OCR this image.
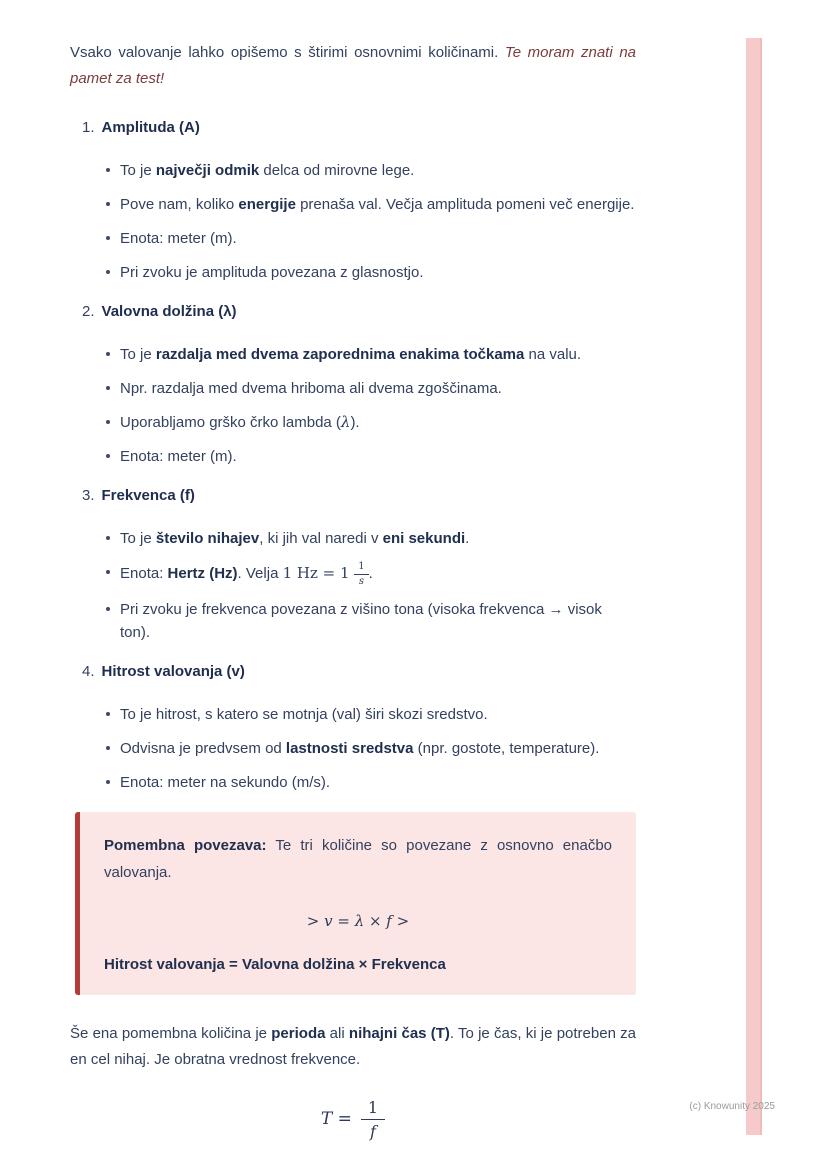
Vsako valovanje lahko opišemo s štirimi osnovnimi količinami. Te moram znati na pamet za test!

1. Amplituda (A)
To je največji odmik delca od mirovne lege.
Pove nam, koliko energije prenaša val. Večja amplituda pomeni več energije.
Enota: meter (m).
Pri zvoku je amplituda povezana z glasnostjo.
2. Valovna dolžina (λ)
To je razdalja med dvema zaporednima enakima točkama na valu.
Npr. razdalja med dvema hriboma ali dvema zgoščinama.
Uporabljamo grško črko lambda (λ).
Enota: meter (m).
3. Frekvenca (f)
To je število nihajev, ki jih val naredi v eni sekundi.
Enota: Hertz (Hz). Velja 1 $Hz = 1 \frac{1}{s}$ .
Pri zvoku je frekvenca povezana z višino tona (visoka frekvenca → visok ton).
4. Hitrost valovanja (v)
To je hitrost, s katero se motnja (val) širi skozi sredstvo.
Odvisna je predvsem od lastnosti sredstva (npr. gostote, temperature).
Enota: meter na sekundo (m/s).

Pomembna povezava: Te tri količine so povezane z osnovno enačbo valovanja.

> v = λ × f >

Hitrost valovanja = Valovna dolžina × Frekvenca

Še ena pomembna količina je perioda ali nihajni čas (T). To je čas, ki je potreben za en cel nihaj. Je obratna vrednost frekvence.

$T = \frac{1}{f}$	(c) Knowunity 2025
